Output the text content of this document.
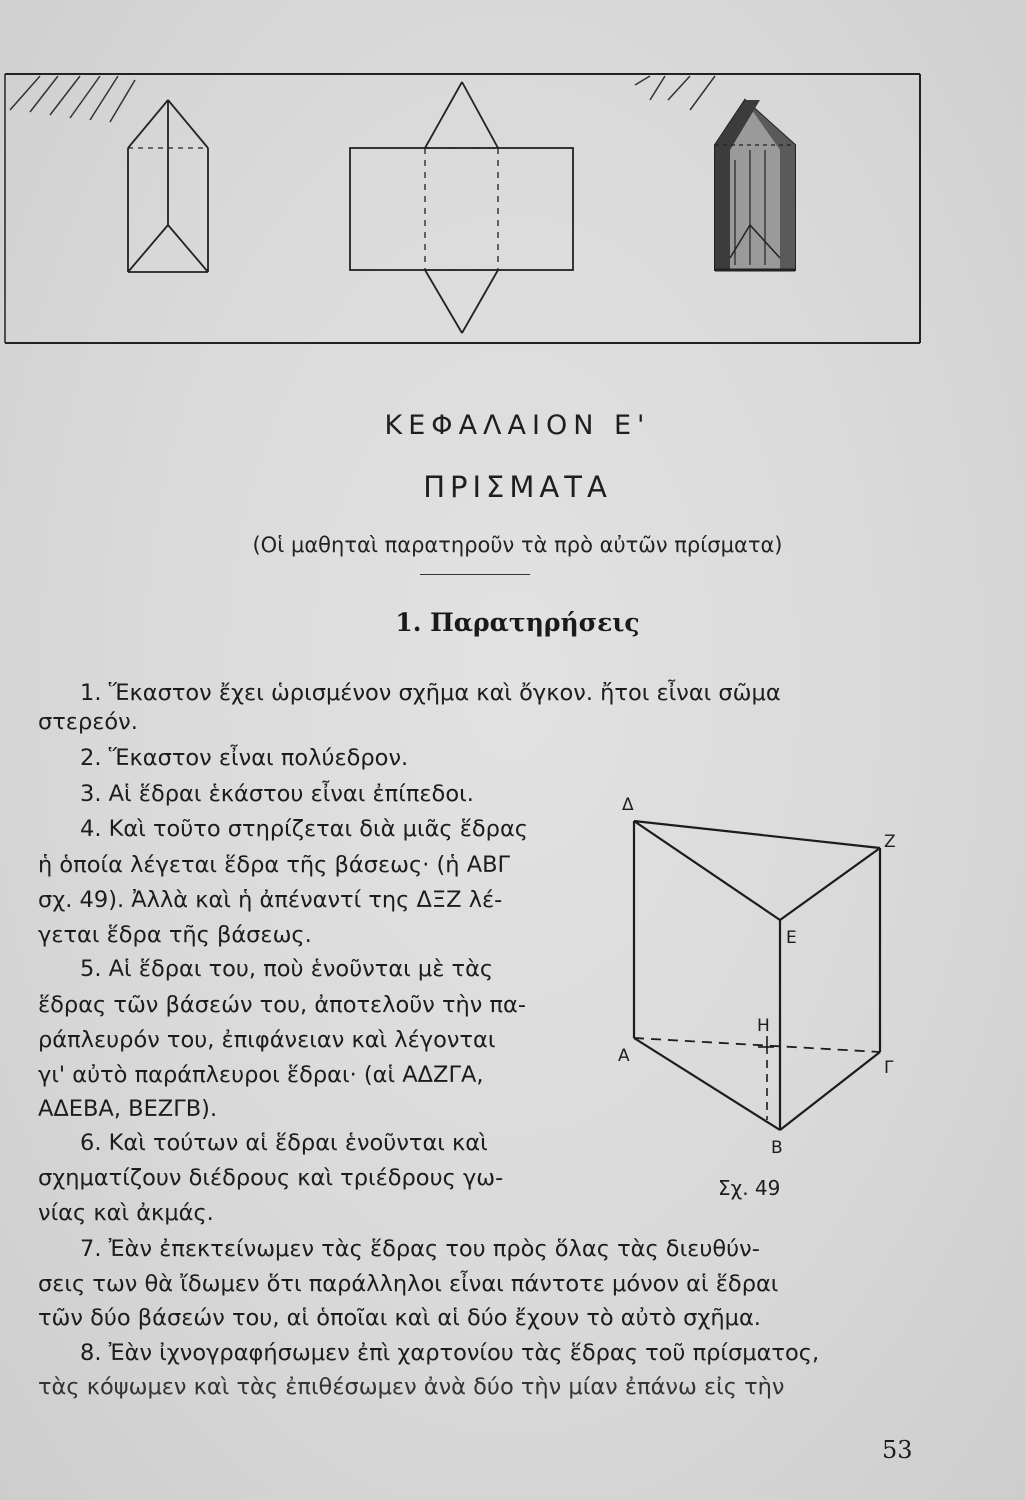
ΚΕΦΑΛΑΙΟΝ Ε'
ΠΡΙΣΜΑΤΑ
(Οἱ μαθηταὶ παρατηροῦν τὰ πρὸ αὐτῶν πρίσματα)
1. Παρατηρήσεις
1. Ἕκαστον ἔχει ὡρισμένον σχῆμα καὶ ὄγκον. ἤτοι εἶναι σῶμα
στερεόν.
2. Ἕκαστον εἶναι πολύεδρον.
3. Αἱ ἕδραι ἑκάστου εἶναι ἐπίπεδοι.
4. Καὶ τοῦτο στηρίζεται διὰ μιᾶς ἕδρας
ἡ ὁποία λέγεται ἕδρα τῆς βάσεως· (ἡ ΑΒΓ
σχ. 49). Ἀλλὰ καὶ ἡ ἀπέναντί της ΔΞΖ λέ-
γεται ἕδρα τῆς βάσεως.
5. Αἱ ἕδραι του, ποὺ ἑνοῦνται μὲ τὰς
ἕδρας τῶν βάσεών του, ἀποτελοῦν τὴν πα-
ράπλευρόν του, ἐπιφάνειαν καὶ λέγονται
γι' αὐτὸ παράπλευροι ἕδραι· (αἱ ΑΔΖΓΑ,
ΑΔΕΒΑ, ΒΕΖΓΒ).
6. Καὶ τούτων αἱ ἕδραι ἑνοῦνται καὶ
σχηματίζουν διέδρους καὶ τριέδρους γω-
νίας καὶ ἀκμάς.
7. Ἐὰν ἐπεκτείνωμεν τὰς ἕδρας του πρὸς ὅλας τὰς διευθύν-
σεις των θὰ ἴδωμεν ὅτι παράλληλοι εἶναι πάντοτε μόνον αἱ ἕδραι
τῶν δύο βάσεών του, αἱ ὁποῖαι καὶ αἱ δύο ἔχουν τὸ αὐτὸ σχῆμα.
8. Ἐὰν ἰχνογραφήσωμεν ἐπὶ χαρτονίου τὰς ἕδρας τοῦ πρίσματος,
τὰς κόψωμεν καὶ τὰς ἐπιθέσωμεν ἀνὰ δύο τὴν μίαν ἐπάνω εἰς τὴν
Δ
Ζ
Ε
Η
Α
Γ
Β
Σχ. 49
53
